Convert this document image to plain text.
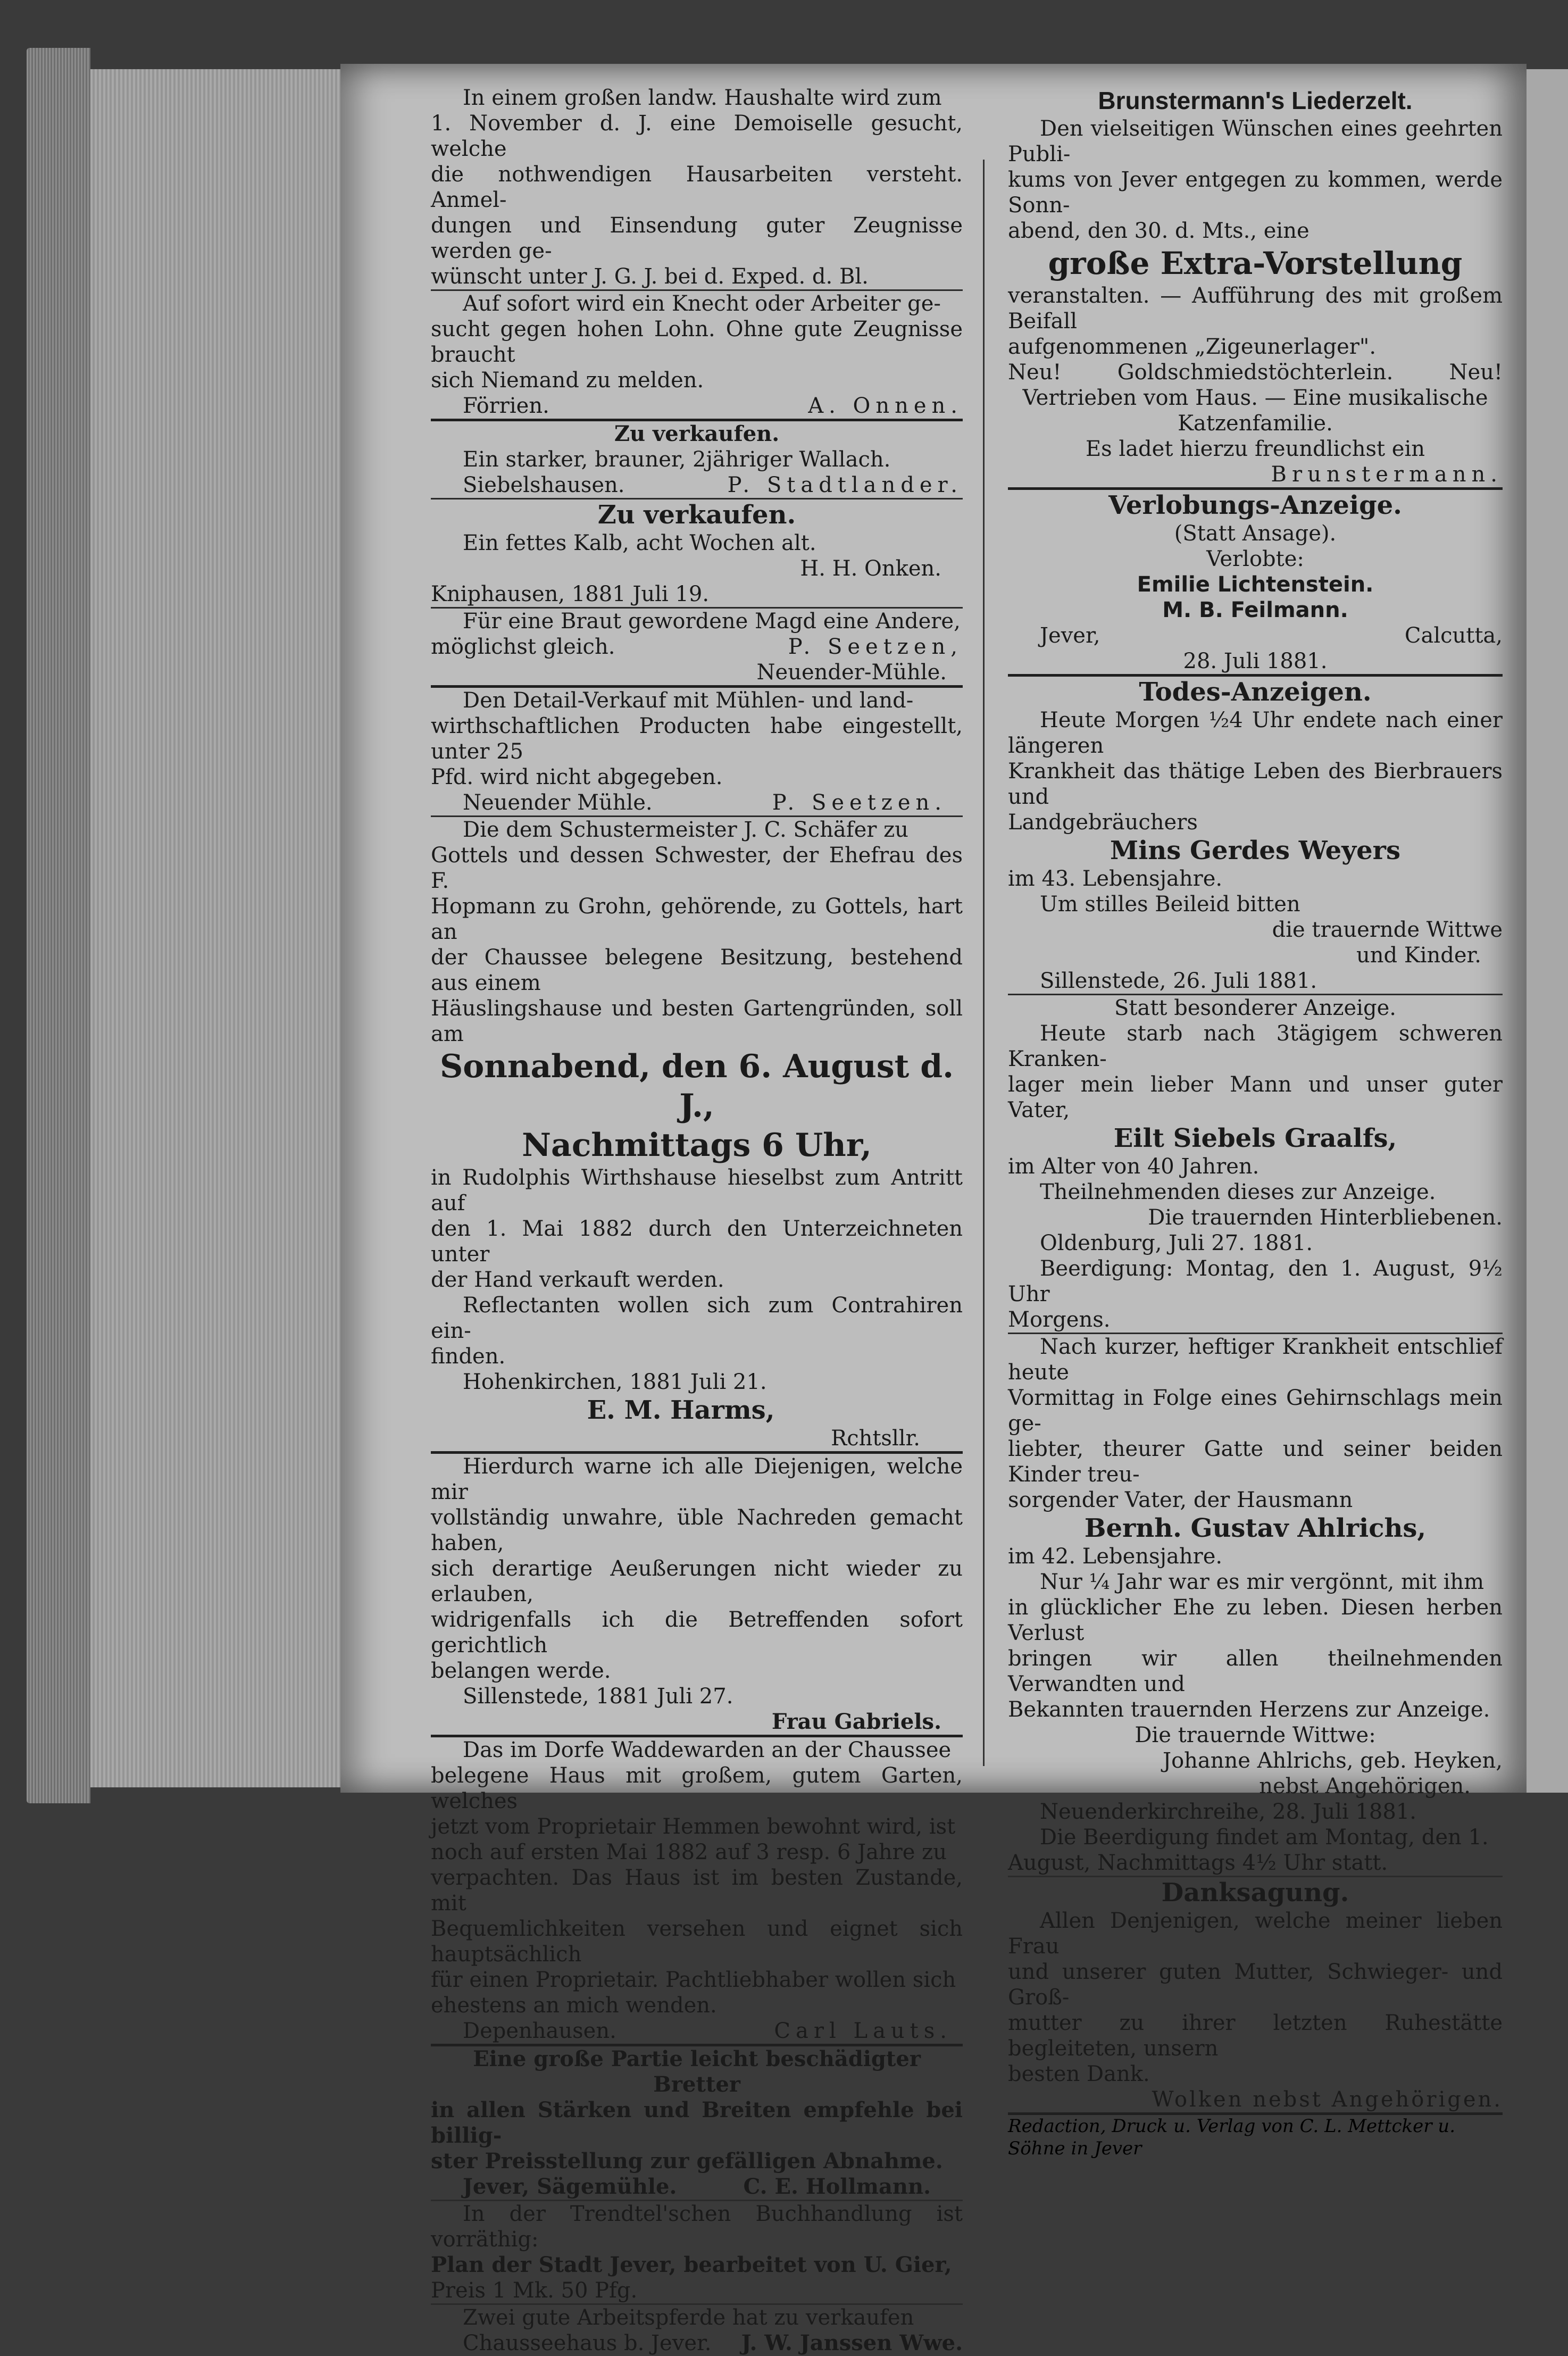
In einem großen landw. Haushalte wird zum
1. November d. J. eine Demoiselle gesucht, welche
die nothwendigen Hausarbeiten versteht. Anmel-
dungen und Einsendung guter Zeugnisse werden ge-
wünscht unter J. G. J. bei d. Exped. d. Bl.
Auf sofort wird ein Knecht oder Arbeiter ge-
sucht gegen hohen Lohn. Ohne gute Zeugnisse braucht
sich Niemand zu melden.
Förrien.	A. Onnen.
Zu verkaufen.
Ein starker, brauner, 2jähriger Wallach.
Siebelshausen.	P. Stadtlander.
Zu verkaufen.
Ein fettes Kalb, acht Wochen alt.
H. H. Onken.
Kniphausen, 1881 Juli 19.
Für eine Braut gewordene Magd eine Andere,
möglichst gleich.	P. Seetzen,
Neuender-Mühle.
Den Detail-Verkauf mit Mühlen- und land-
wirthschaftlichen Producten habe eingestellt, unter 25
Pfd. wird nicht abgegeben.
Neuender Mühle.	P. Seetzen.
Die dem Schustermeister J. C. Schäfer zu
Gottels und dessen Schwester, der Ehefrau des F.
Hopmann zu Grohn, gehörende, zu Gottels, hart an
der Chaussee belegene Besitzung, bestehend aus einem
Häuslingshause und besten Gartengründen, soll am
Sonnabend, den 6. August d. J.,
Nachmittags 6 Uhr,
in Rudolphis Wirthshause hieselbst zum Antritt auf
den 1. Mai 1882 durch den Unterzeichneten unter
der Hand verkauft werden.
Reflectanten wollen sich zum Contrahiren ein-
finden.
Hohenkirchen, 1881 Juli 21.
E. M. Harms,
Rchtsllr.
Hierdurch warne ich alle Diejenigen, welche mir
vollständig unwahre, üble Nachreden gemacht haben,
sich derartige Aeußerungen nicht wieder zu erlauben,
widrigenfalls ich die Betreffenden sofort gerichtlich
belangen werde.
Sillenstede, 1881 Juli 27.
Frau Gabriels.
Das im Dorfe Waddewarden an der Chaussee
belegene Haus mit großem, gutem Garten, welches
jetzt vom Proprietair Hemmen bewohnt wird, ist
noch auf ersten Mai 1882 auf 3 resp. 6 Jahre zu
verpachten. Das Haus ist im besten Zustande, mit
Bequemlichkeiten versehen und eignet sich hauptsächlich
für einen Proprietair. Pachtliebhaber wollen sich
ehestens an mich wenden.
Depenhausen.	Carl Lauts.
Eine große Partie leicht beschädigter Bretter
in allen Stärken und Breiten empfehle bei billig-
ster Preisstellung zur gefälligen Abnahme.
Jever, Sägemühle.	C. E. Hollmann.
In der Trendtel'schen Buchhandlung ist vorräthig:
Plan der Stadt Jever, bearbeitet von U. Gier,
Preis 1 Mk. 50 Pfg.
Zwei gute Arbeitspferde hat zu verkaufen
Chausseehaus b. Jever. J. W. Janssen Wwe.
Brunstermann's Liederzelt.
Den vielseitigen Wünschen eines geehrten Publi-
kums von Jever entgegen zu kommen, werde Sonn-
abend, den 30. d. Mts., eine
große Extra-Vorstellung
veranstalten. — Aufführung des mit großem Beifall
aufgenommenen „Zigeunerlager".
Neu!	Goldschmiedstöchterlein.	Neu!
Vertrieben vom Haus. — Eine musikalische
Katzenfamilie.
Es ladet hierzu freundlichst ein
Brunstermann.
Verlobungs-Anzeige.
(Statt Ansage).
Verlobte:
Emilie Lichtenstein.
M. B. Feilmann.
Jever,	Calcutta,
28. Juli 1881.
Todes-Anzeigen.
Heute Morgen ½4 Uhr endete nach einer längeren
Krankheit das thätige Leben des Bierbrauers und
Landgebräuchers
Mins Gerdes Weyers
im 43. Lebensjahre.
Um stilles Beileid bitten
die trauernde Wittwe
und Kinder.
Sillenstede, 26. Juli 1881.
Statt besonderer Anzeige.
Heute starb nach 3tägigem schweren Kranken-
lager mein lieber Mann und unser guter Vater,
Eilt Siebels Graalfs,
im Alter von 40 Jahren.
Theilnehmenden dieses zur Anzeige.
Die trauernden Hinterbliebenen.
Oldenburg, Juli 27. 1881.
Beerdigung: Montag, den 1. August, 9½ Uhr
Morgens.
Nach kurzer, heftiger Krankheit entschlief heute
Vormittag in Folge eines Gehirnschlags mein ge-
liebter, theurer Gatte und seiner beiden Kinder treu-
sorgender Vater, der Hausmann
Bernh. Gustav Ahlrichs,
im 42. Lebensjahre.
Nur ¼ Jahr war es mir vergönnt, mit ihm
in glücklicher Ehe zu leben. Diesen herben Verlust
bringen wir allen theilnehmenden Verwandten und
Bekannten trauernden Herzens zur Anzeige.
Die trauernde Wittwe:
Johanne Ahlrichs, geb. Heyken,
nebst Angehörigen.
Neuenderkirchreihe, 28. Juli 1881.
Die Beerdigung findet am Montag, den 1.
August, Nachmittags 4½ Uhr statt.
Danksagung.
Allen Denjenigen, welche meiner lieben Frau
und unserer guten Mutter, Schwieger- und Groß-
mutter zu ihrer letzten Ruhestätte begleiteten, unsern
besten Dank.
Wolken nebst Angehörigen.
Redaction, Druck u. Verlag von C. L. Mettcker u. Söhne in Jever
